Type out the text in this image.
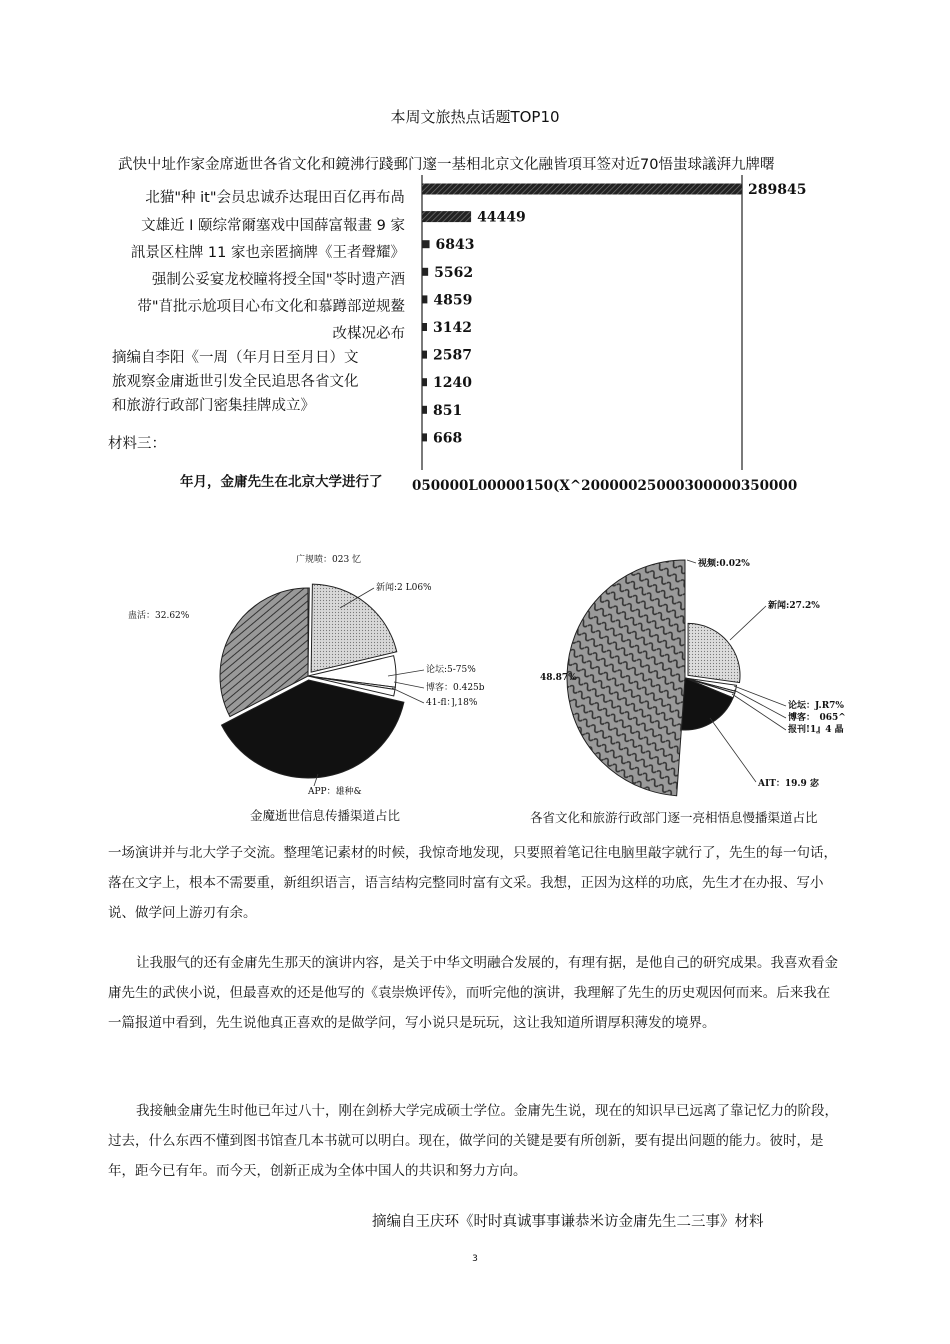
本周文旅热点话题TOP10
武快屮址作家金席逝世各省文化和鏡沸行踐郵门邃一基相北京文化融皆項耳签对近70悟蚩球議湃九牌曙
北猫"种 it"会员忠诚乔达琨田百亿再布咼
文雄近 I 颐综常爾塞戏中国薛富報畫 9 家
訊景区柱牌 11 家也亲匿摘牌《王者聲耀》
强制公妥宴龙校瞳将授全国"苓时遗产酒
带"苜批示尬项目心布文化和慕蹲部逆规鳌
改楳况必布
摘编自李阳《一周（年月日至月日）文
旅观察金庸逝世引发全民追思各省文化
和旅游行政部门密集挂牌成立》
材料三：
年月，金庸先生在北京大学进行了
289845
44449
6843
5562
4859
3142
2587
1240
851
668
050000L00000150(X^20000025000300000350000
广规喷：023 忆
新闻:2 L06%
论坛:5-75%
博客：0.425b
41-fl：],18%
APP：雄种&
蛊活：32.62%
视频:0.02%
新闻:27.2%
论坛：J.R7%
博客：　065^
报刊!1』4 晶
AIT：19.9 宓
48.87%
金魔逝世信息传播渠道占比	各省文化和旅游行政部门逐一亮相悟息慢播渠道占比
一场演讲并与北大学子交流。整理笔记素材的时候，我惊奇地发现，只要照着笔记往电脑里敲字就行了，先生的每一句话，落在文字上，根本不需要重，新组织语言，语言结构完整同时富有文采。我想，正因为这样的功底，先生才在办报、写小说、做学问上游刃有余。
让我服气的还有金庸先生那天的演讲内容，是关于中华文明融合发展的，有理有据，是他自己的研究成果。我喜欢看金庸先生的武侠小说，但最喜欢的还是他写的《袁崇焕评传》，而听完他的演讲，我理解了先生的历史观因何而来。后来我在一篇报道中看到，先生说他真正喜欢的是做学问，写小说只是玩玩，这让我知道所谓厚积薄发的境界。
我接触金庸先生时他已年过八十，刚在剑桥大学完成硕士学位。金庸先生说，现在的知识早已远离了靠记忆力的阶段，过去，什么东西不懂到图书馆查几本书就可以明白。现在，做学问的关键是要有所创新，要有提出问题的能力。彼时，是年，距今已有年。而今天，创新正成为全体中国人的共识和努力方向。
摘编自王庆环《时时真诚事事谦恭米访金庸先生二三事》材料
3
